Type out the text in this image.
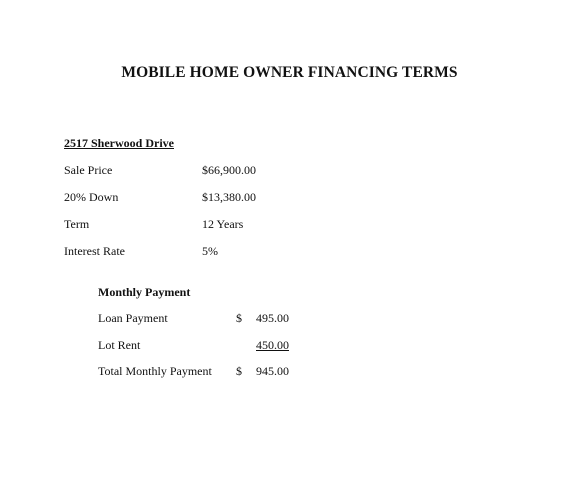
MOBILE HOME OWNER FINANCING TERMS
2517 Sherwood Drive
Sale Price	$66,900.00
20% Down	$13,380.00
Term	12 Years
Interest Rate	5%
Monthly Payment
Loan Payment	$ 495.00
Lot Rent	450.00
Total Monthly Payment $ 945.00
